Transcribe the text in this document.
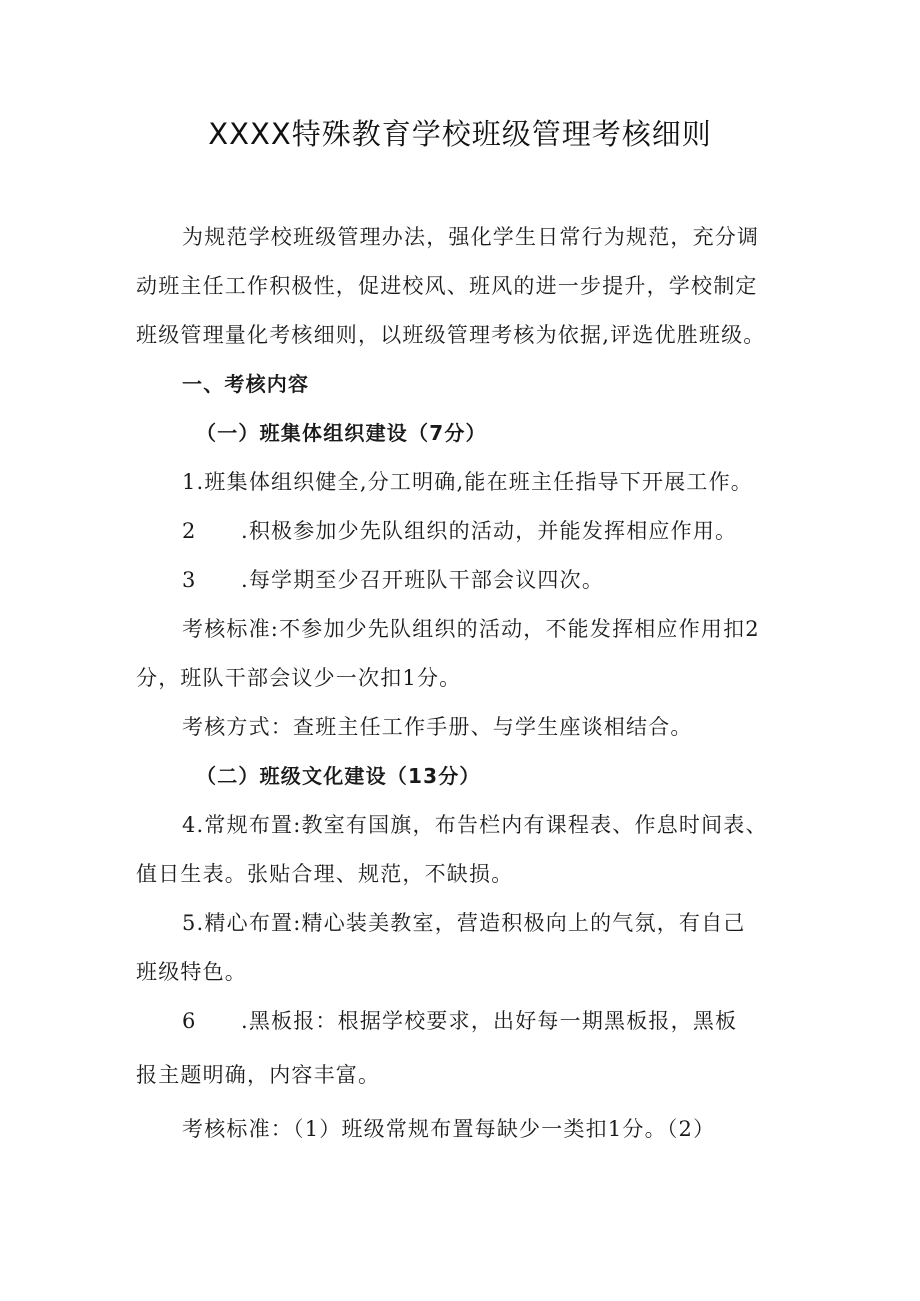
XXXX特殊教育学校班级管理考核细则
为规范学校班级管理办法，强化学生日常行为规范，充分调
动班主任工作积极性，促进校风、班风的进一步提升，学校制定
班级管理量化考核细则，以班级管理考核为依据,评选优胜班级。
一、考核内容
（一）班集体组织建设（7分）
1.班集体组织健全,分工明确,能在班主任指导下开展工作。
2　　.积极参加少先队组织的活动，并能发挥相应作用。
3　　.每学期至少召开班队干部会议四次。
考核标准:不参加少先队组织的活动，不能发挥相应作用扣2
分，班队干部会议少一次扣1分。
考核方式：查班主任工作手册、与学生座谈相结合。
（二）班级文化建设（13分）
4.常规布置:教室有国旗，布告栏内有课程表、作息时间表、
值日生表。张贴合理、规范，不缺损。
5.精心布置:精心装美教室，营造积极向上的气氛，有自己
班级特色。
6　　.黑板报：根据学校要求，出好每一期黑板报，黑板
报主题明确，内容丰富。
考核标准：（1）班级常规布置每缺少一类扣1分。（2）
